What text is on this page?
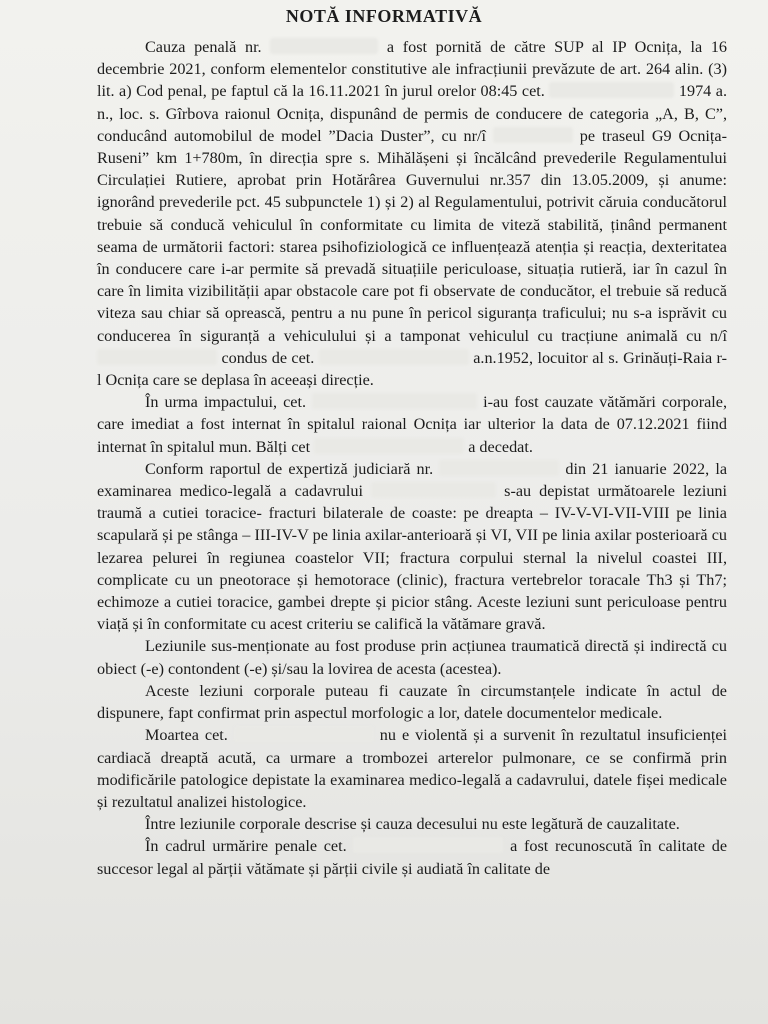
NOTĂ INFORMATIVĂ

Cauza penală nr.	a fost pornită de către SUP al IP Ocnița, la 16 decembrie 2021, conform elementelor constitutive ale infracțiunii prevăzute de art. 264 alin. (3) lit. a) Cod penal, pe faptul că la 16.11.2021 în jurul orelor 08:45 cet.	1974 a. n., loc. s. Gîrbova raionul Ocnița, dispunând de permis de conducere de categoria „A, B, C”, conducând automobilul de model ”Dacia Duster”, cu nr/î	pe traseul G9 Ocnița-Ruseni” km 1+780m, în direcția spre s. Mihălășeni și încălcând prevederile Regulamentului Circulației Rutiere, aprobat prin Hotărârea Guvernului nr.357 din 13.05.2009, și anume: ignorând prevederile pct. 45 subpunctele 1) și 2) al Regulamentului, potrivit căruia conducătorul trebuie să conducă vehiculul în conformitate cu limita de viteză stabilită, ținând permanent seama de următorii factori: starea psihofiziologică ce influențează atenția și reacția, dexteritatea în conducere care i-ar permite să prevadă situațiile periculoase, situația rutieră, iar în cazul în care în limita vizibilității apar obstacole care pot fi observate de conducător, el trebuie să reducă viteza sau chiar să oprească, pentru a nu pune în pericol siguranța traficului; nu s-a isprăvit cu conducerea în siguranță a vehiculului și a tamponat vehiculul cu tracțiune animală cu n/î  condus de cet.	a.n.1952, locuitor al s. Grinăuți-Raia r-l Ocnița care se deplasa în aceeași direcție.

În urma impactului, cet.	i-au fost cauzate vătămări corporale, care imediat a fost internat în spitalul raional Ocnița iar ulterior la data de 07.12.2021 fiind internat în spitalul mun. Bălți cet	a decedat.

Conform raportul de expertiză judiciară nr.	din 21 ianuarie 2022, la examinarea medico-legală a cadavrului	s-au depistat următoarele leziuni traumă a cutiei toracice- fracturi bilaterale de coaste: pe dreapta – IV-V-VI-VII-VIII pe linia scapulară și pe stânga – III-IV-V pe linia axilar-anterioară și VI, VII pe linia axilar posterioară cu lezarea pelurei în regiunea coastelor VII; fractura corpului sternal la nivelul coastei III, complicate cu un pneotorace și hemotorace (clinic), fractura vertebrelor toracale Th3 și Th7; echimoze a cutiei toracice, gambei drepte și picior stâng. Aceste leziuni sunt periculoase pentru viață și în conformitate cu acest criteriu se califică la vătămare gravă.

Leziunile sus-menționate au fost produse prin acțiunea traumatică directă și indirectă cu obiect (-e) contondent (-e) și/sau la lovirea de acesta (acestea).

Aceste leziuni corporale puteau fi cauzate în circumstanțele indicate în actul de dispunere, fapt confirmat prin aspectul morfologic a lor, datele documentelor medicale.

Moartea cet.	nu e violentă și a survenit în rezultatul insuficienței cardiacă dreaptă acută, ca urmare a trombozei arterelor pulmonare, ce se confirmă prin modificările patologice depistate la examinarea medico-legală a cadavrului, datele fișei medicale și rezultatul analizei histologice.

Între leziunile corporale descrise și cauza decesului nu este legătură de cauzalitate.

În cadrul urmărire penale cet.	a fost recunoscută în calitate de succesor legal al părții vătămate și părții civile și audiată în calitate de
